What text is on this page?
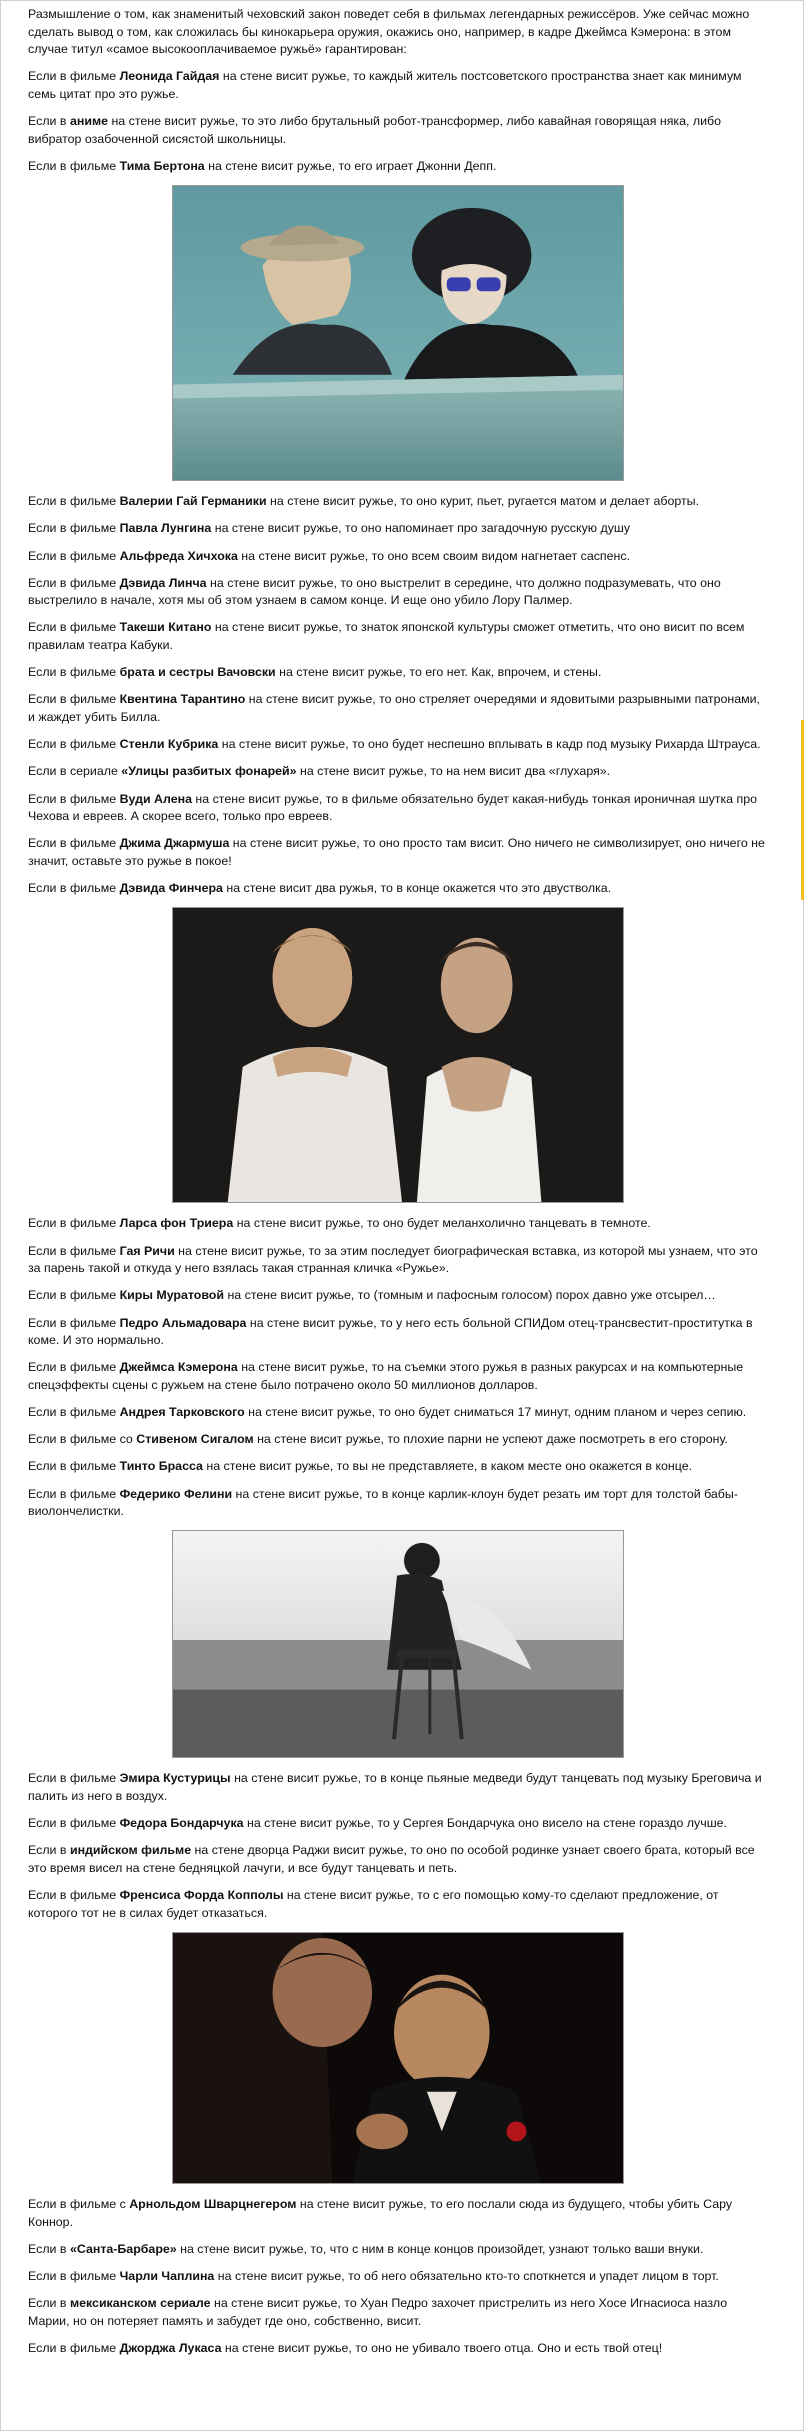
Размышление о том, как знаменитый чеховский закон поведет себя в фильмах легендарных режиссёров. Уже сейчас можно сделать вывод о том, как сложилась бы кинокарьера оружия, окажись оно, например, в кадре Джеймса Кэмерона: в этом случае титул «самое высокооплачиваемое ружьё» гарантирован:

Если в фильме Леонида Гайдая на стене висит ружье, то каждый житель постсоветского пространства знает как минимум семь цитат про это ружье.

Если в аниме на стене висит ружье, то это либо брутальный робот-трансформер, либо кавайная говорящая няка, либо вибратор озабоченной сисястой школьницы.

Если в фильме Тима Бертона на стене висит ружье, то его играет Джонни Депп.

Если в фильме Валерии Гай Германики на стене висит ружье, то оно курит, пьет, ругается матом и делает аборты.

Если в фильме Павла Лунгина на стене висит ружье, то оно напоминает про загадочную русскую душу

Если в фильме Альфреда Хичхока на стене висит ружье, то оно всем своим видом нагнетает саспенс.

Если в фильме Дэвида Линча на стене висит ружье, то оно выстрелит в середине, что должно подразумевать, что оно выстрелило в начале, хотя мы об этом узнаем в самом конце. И еще оно убило Лору Палмер.

Если в фильме Такеши Китано на стене висит ружье, то знаток японской культуры сможет отметить, что оно висит по всем правилам театра Кабуки.

Если в фильме брата и сестры Вачовски на стене висит ружье, то его нет. Как, впрочем, и стены.

Если в фильме Квентина Тарантино на стене висит ружье, то оно стреляет очередями и ядовитыми разрывными патронами, и жаждет убить Билла.

Если в фильме Стенли Кубрика на стене висит ружье, то оно будет неспешно вплывать в кадр под музыку Рихарда Штрауса.

Если в сериале «Улицы разбитых фонарей» на стене висит ружье, то на нем висит два «глухаря».

Если в фильме Вуди Алена на стене висит ружье, то в фильме обязательно будет какая-нибудь тонкая ироничная шутка про Чехова и евреев. А скорее всего, только про евреев.

Если в фильме Джима Джармуша на стене висит ружье, то оно просто там висит. Оно ничего не символизирует, оно ничего не значит, оставьте это ружье в покое!

Если в фильме Дэвида Финчера на стене висит два ружья, то в конце окажется что это двустволка.

Если в фильме Ларса фон Триера на стене висит ружье, то оно будет меланхолично танцевать в темноте.

Если в фильме Гая Ричи на стене висит ружье, то за этим последует биографическая вставка, из которой мы узнаем, что это за парень такой и откуда у него взялась такая странная кличка «Ружье».

Если в фильме Киры Муратовой на стене висит ружье, то (томным и пафосным голосом) порох давно уже отсырел…

Если в фильме Педро Альмадовара на стене висит ружье, то у него есть больной СПИДом отец-трансвестит-проститутка в коме. И это нормально.

Если в фильме Джеймса Кэмерона на стене висит ружье, то на съемки этого ружья в разных ракурсах и на компьютерные спецэффекты сцены с ружьем на стене было потрачено около 50 миллионов долларов.

Если в фильме Андрея Тарковского на стене висит ружье, то оно будет сниматься 17 минут, одним планом и через сепию.

Если в фильме со Стивеном Сигалом на стене висит ружье, то плохие парни не успеют даже посмотреть в его сторону.

Если в фильме Тинто Брасса на стене висит ружье, то вы не представляете, в каком месте оно окажется в конце.

Если в фильме Федерико Фелини на стене висит ружье, то в конце карлик-клоун будет резать им торт для толстой бабы-виолончелистки.

Если в фильме Эмира Кустурицы на стене висит ружье, то в конце пьяные медведи будут танцевать под музыку Бреговича и палить из него в воздух.

Если в фильме Федора Бондарчука на стене висит ружье, то у Сергея Бондарчука оно висело на стене гораздо лучше.

Если в индийском фильме на стене дворца Раджи висит ружье, то оно по особой родинке узнает своего брата, который все это время висел на стене бедняцкой лачуги, и все будут танцевать и петь.

Если в фильме Френсиса Форда Копполы на стене висит ружье, то с его помощью кому-то сделают предложение, от которого тот не в силах будет отказаться.

Если в фильме с Арнольдом Шварцнегером на стене висит ружье, то его послали сюда из будущего, чтобы убить Сару Коннор.

Если в «Санта-Барбаре» на стене висит ружье, то, что с ним в конце концов произойдет, узнают только ваши внуки.

Если в фильме Чарли Чаплина на стене висит ружье, то об него обязательно кто-то споткнется и упадет лицом в торт.

Если в мексиканском сериале на стене висит ружье, то Хуан Педро захочет пристрелить из него Хосе Игнасиоса назло Марии, но он потеряет память и забудет где оно, собственно, висит.

Если в фильме Джорджа Лукаса на стене висит ружье, то оно не убивало твоего отца. Оно и есть твой отец!
